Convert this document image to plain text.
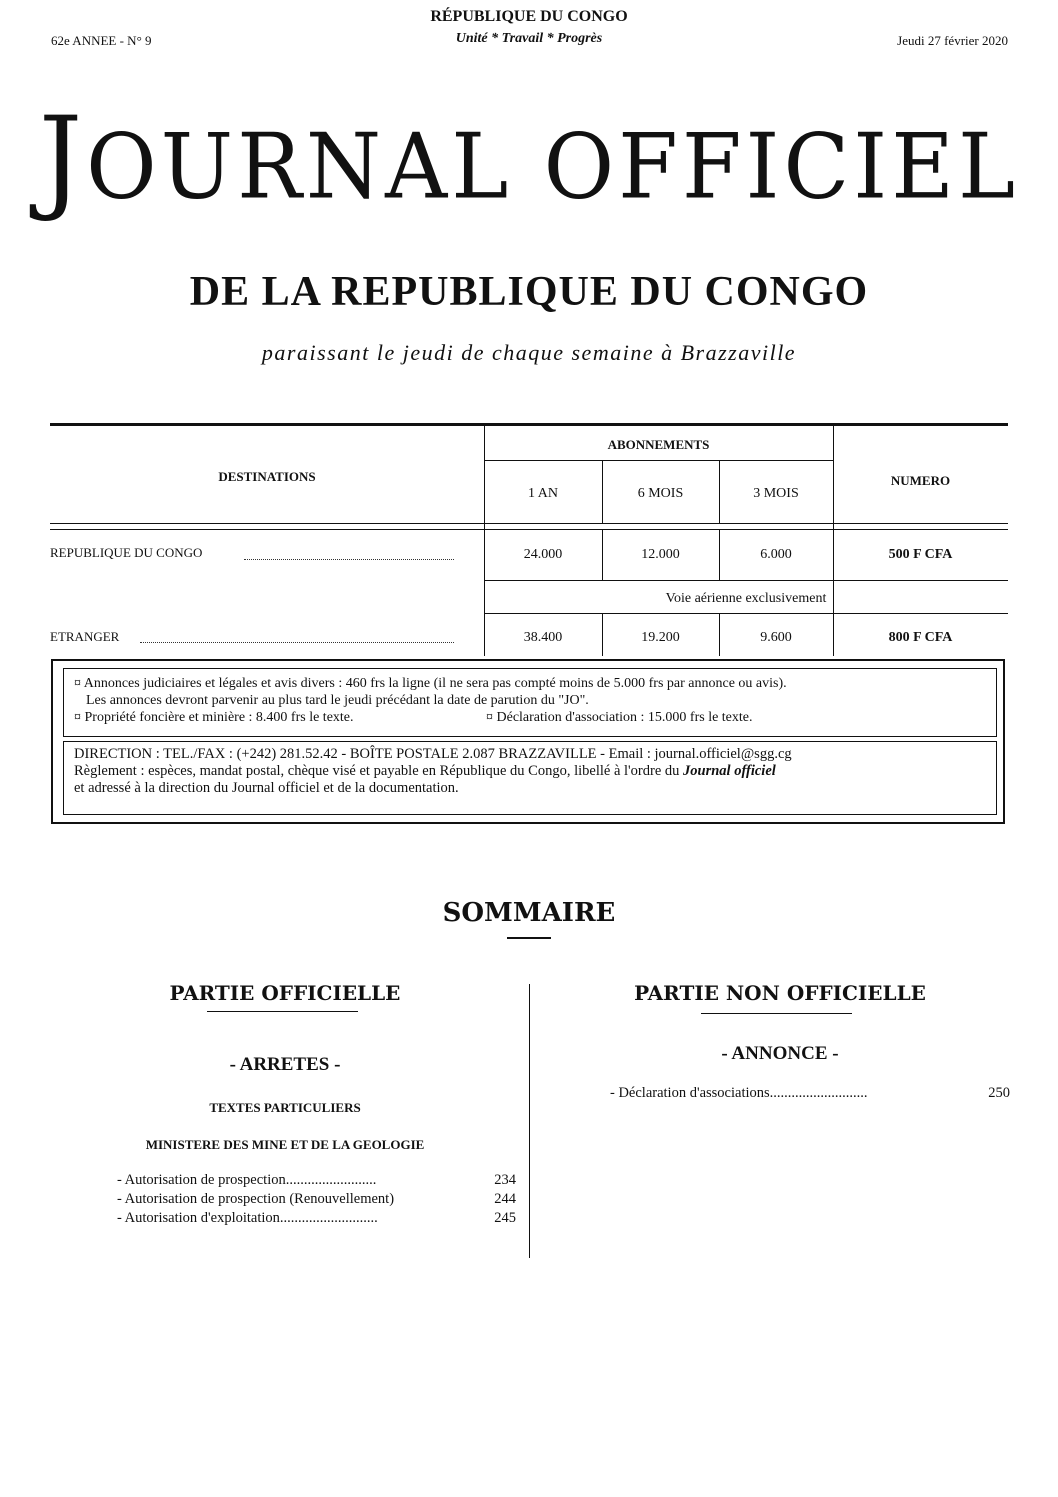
RÉPUBLIQUE DU CONGO
Unité * Travail * Progrès
62e ANNEE - N° 9	Jeudi 27 février 2020
JOURNAL OFFICIEL
DE LA REPUBLIQUE DU CONGO
paraissant le jeudi de chaque semaine à Brazzaville
DESTINATIONS
ABONNEMENTS
NUMERO
1 AN	6 MOIS	3 MOIS
REPUBLIQUE DU CONGO	24.000	12.000	6.000	500 F CFA
Voie aérienne exclusivement
ETRANGER	38.400	19.200	9.600	800 F CFA
¤ Annonces judiciaires et légales et avis divers : 460 frs la ligne (il ne sera pas compté moins de 5.000 frs par annonce ou avis).
Les annonces devront parvenir au plus tard le jeudi précédant la date de parution du "JO".
¤ Propriété foncière et minière : 8.400 frs le texte.	¤ Déclaration d'association : 15.000 frs le texte.
DIRECTION : TEL./FAX : (+242) 281.52.42 - BOÎTE POSTALE 2.087 BRAZZAVILLE - Email : journal.officiel@sgg.cg
Règlement : espèces, mandat postal, chèque visé et payable en République du Congo, libellé à l'ordre du Journal officiel
et adressé à la direction du Journal officiel et de la documentation.
SOMMAIRE
PARTIE OFFICIELLE
- ARRETES -
TEXTES PARTICULIERS
MINISTERE DES MINE ET DE LA GEOLOGIE
- Autorisation de prospection.........................	234
- Autorisation de prospection (Renouvellement)	244
- Autorisation d'exploitation...........................	245
PARTIE NON OFFICIELLE
- ANNONCE -
- Déclaration d'associations...........................	250
